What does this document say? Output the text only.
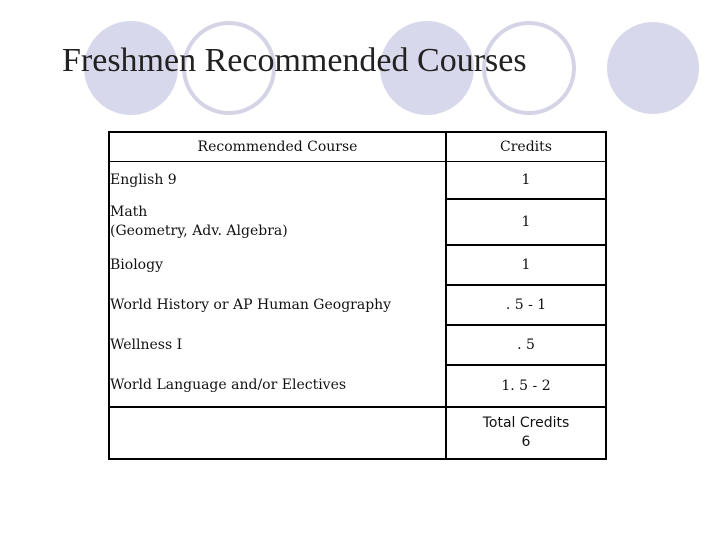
Freshmen Recommended Courses
Recommended Course	Credits

English 9	1

Math
(Geometry, Adv. Algebra)	1

Biology	1

World History or AP Human Geography	. 5 - 1

Wellness I	. 5

World Language and/or Electives	1. 5 - 2

	Total Credits
6
